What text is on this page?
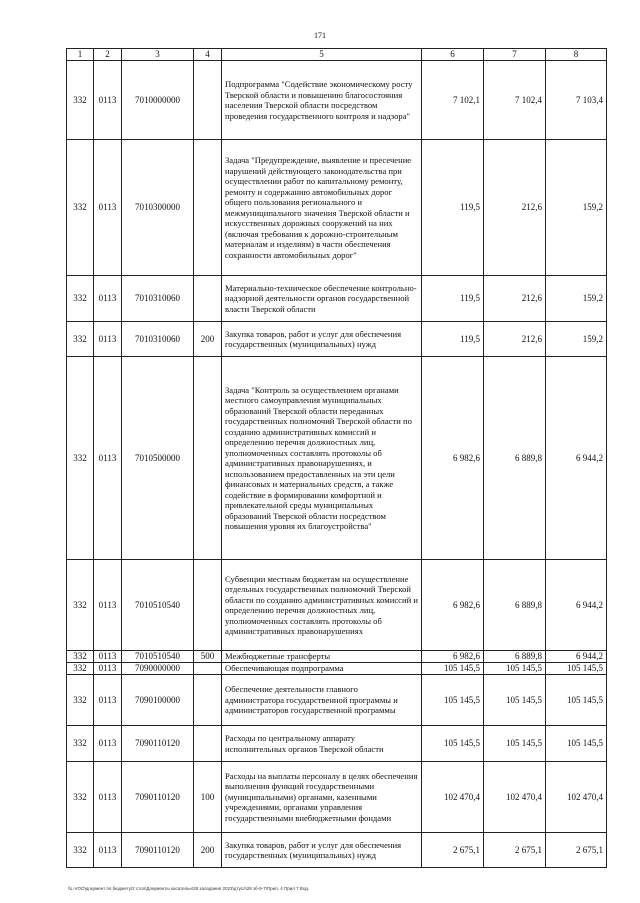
171
1	2	3	4	5	6	7	8
332	0113	7010000000		Подпрограмма "Содействие экономическому росту Тверской области и повышению благосостояния населения Тверской области посредством проведения государственного контроля и надзора"	7 102,1	7 102,4	7 103,4
332	0113	7010300000		Задача "Предупреждение, выявление и пресечение нарушений действующего законодательства при осуществлении работ по капитальному ремонту, ремонту и содержанию автомобильных дорог общего пользования регионального и межмуниципального значения Тверской области и искусственных дорожных сооружений на них (включая требования к дорожно-строительным материалам и изделиям) в части обеспечения сохранности автомобильных дорог"	119,5	212,6	159,2
332	0113	7010310060		Материально-техническое обеспечение контрольно-надзорной деятельности органов государственной власти Тверской области	119,5	212,6	159,2
332	0113	7010310060	200	Закупка товаров, работ и услуг для обеспечения государственных (муниципальных) нужд	119,5	212,6	159,2
332	0113	7010500000		Задача "Контроль за осуществлением органами местного самоуправления муниципальных образований Тверской области переданных государственных полномочий Тверской области по созданию административных комиссий и определению перечня должностных лиц, уполномоченных составлять протоколы об административных правонарушениях, и использованием предоставленных на эти цели финансовых и материальных средств, а также содействие в формировании комфортной и привлекательной среды муниципальных образований Тверской области посредством повышения уровня их благоустройства"	6 982,6	6 889,8	6 944,2
332	0113	7010510540		Субвенции местным бюджетам на осуществление отдельных государственных полномочий Тверской области по созданию административных комиссий и определению перечня должностных лиц, уполномоченных составлять протоколы об административных правонарушениях	6 982,6	6 889,8	6 944,2
332	0113	7010510540	500	Межбюджетные трансферты	6 982,6	6 889,8	6 944,2
332	0113	7090000000		Обеспечивающая подпрограмма	105 145,5	105 145,5	105 145,5
332	0113	7090100000		Обеспечение деятельности главного администратора государственной программы и администраторов государственной программы	105 145,5	105 145,5	105 145,5
332	0113	7090110120		Расходы по центральному аппарату исполнительных органов Тверской области	105 145,5	105 145,5	105 145,5
332	0113	7090110120	100	Расходы на выплаты персоналу в целях обеспечения выполнения функций государственными (муниципальными) органами, казенными учреждениями, органами управления государственными внебюджетными фондами	102 470,4	102 470,4	102 470,4
332	0113	7090110120	200	Закупка товаров, работ и услуг для обеспечения государственных (муниципальных) нужд	2 675,1	2 675,1	2 675,1
\\L-VOO\документ по бюджету\2 стол\Документы касательн\28 заседания 2023\дтусл\28 зб-9-7\Прил. 4 Прил 7 Вод.
